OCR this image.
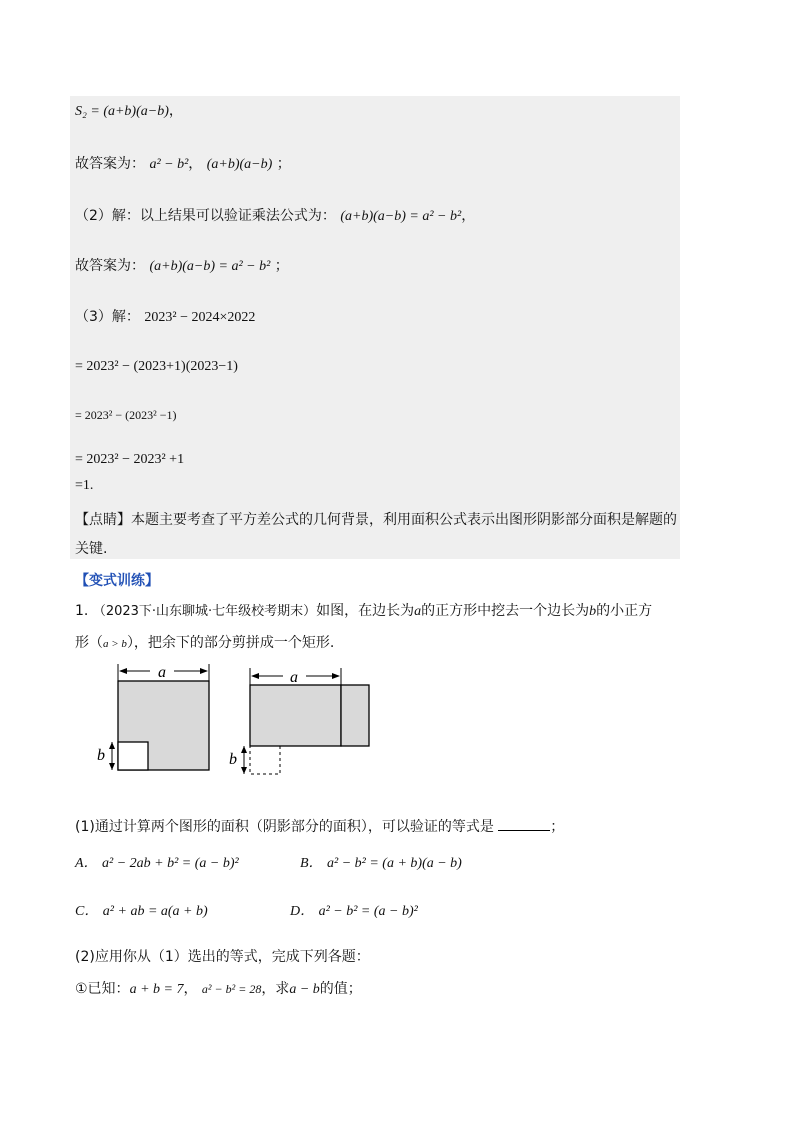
S₂ = (a+b)(a−b)，
故答案为： a² − b²， (a+b)(a−b) ；
（2）解：以上结果可以验证乘法公式为： (a+b)(a−b) = a² − b²，
故答案为： (a+b)(a−b) = a² − b² ；
（3）解： 2023² − 2024×2022
= 2023² − (2023+1)(2023−1)
= 2023² − (2023² −1)
= 2023² − 2023² +1
=1.
【点睛】本题主要考查了平方差公式的几何背景，利用面积公式表示出图形阴影部分面积是解题的
关键.
【变式训练】
1. （2023下·山东聊城·七年级校考期末）如图，在边长为a的正方形中挖去一个边长为b的小正方
形（a > b），把余下的部分剪拼成一个矩形.
a
b
a
b
(1)通过计算两个图形的面积（阴影部分的面积），可以验证的等式是	；
A． a² − 2ab + b² = (a − b)²	B． a² − b² = (a + b)(a − b)
C． a² + ab = a(a + b)	D． a² − b² = (a − b)²
(2)应用你从（1）选出的等式，完成下列各题：
①已知：a + b = 7， a² − b² = 28，求a − b的值；
